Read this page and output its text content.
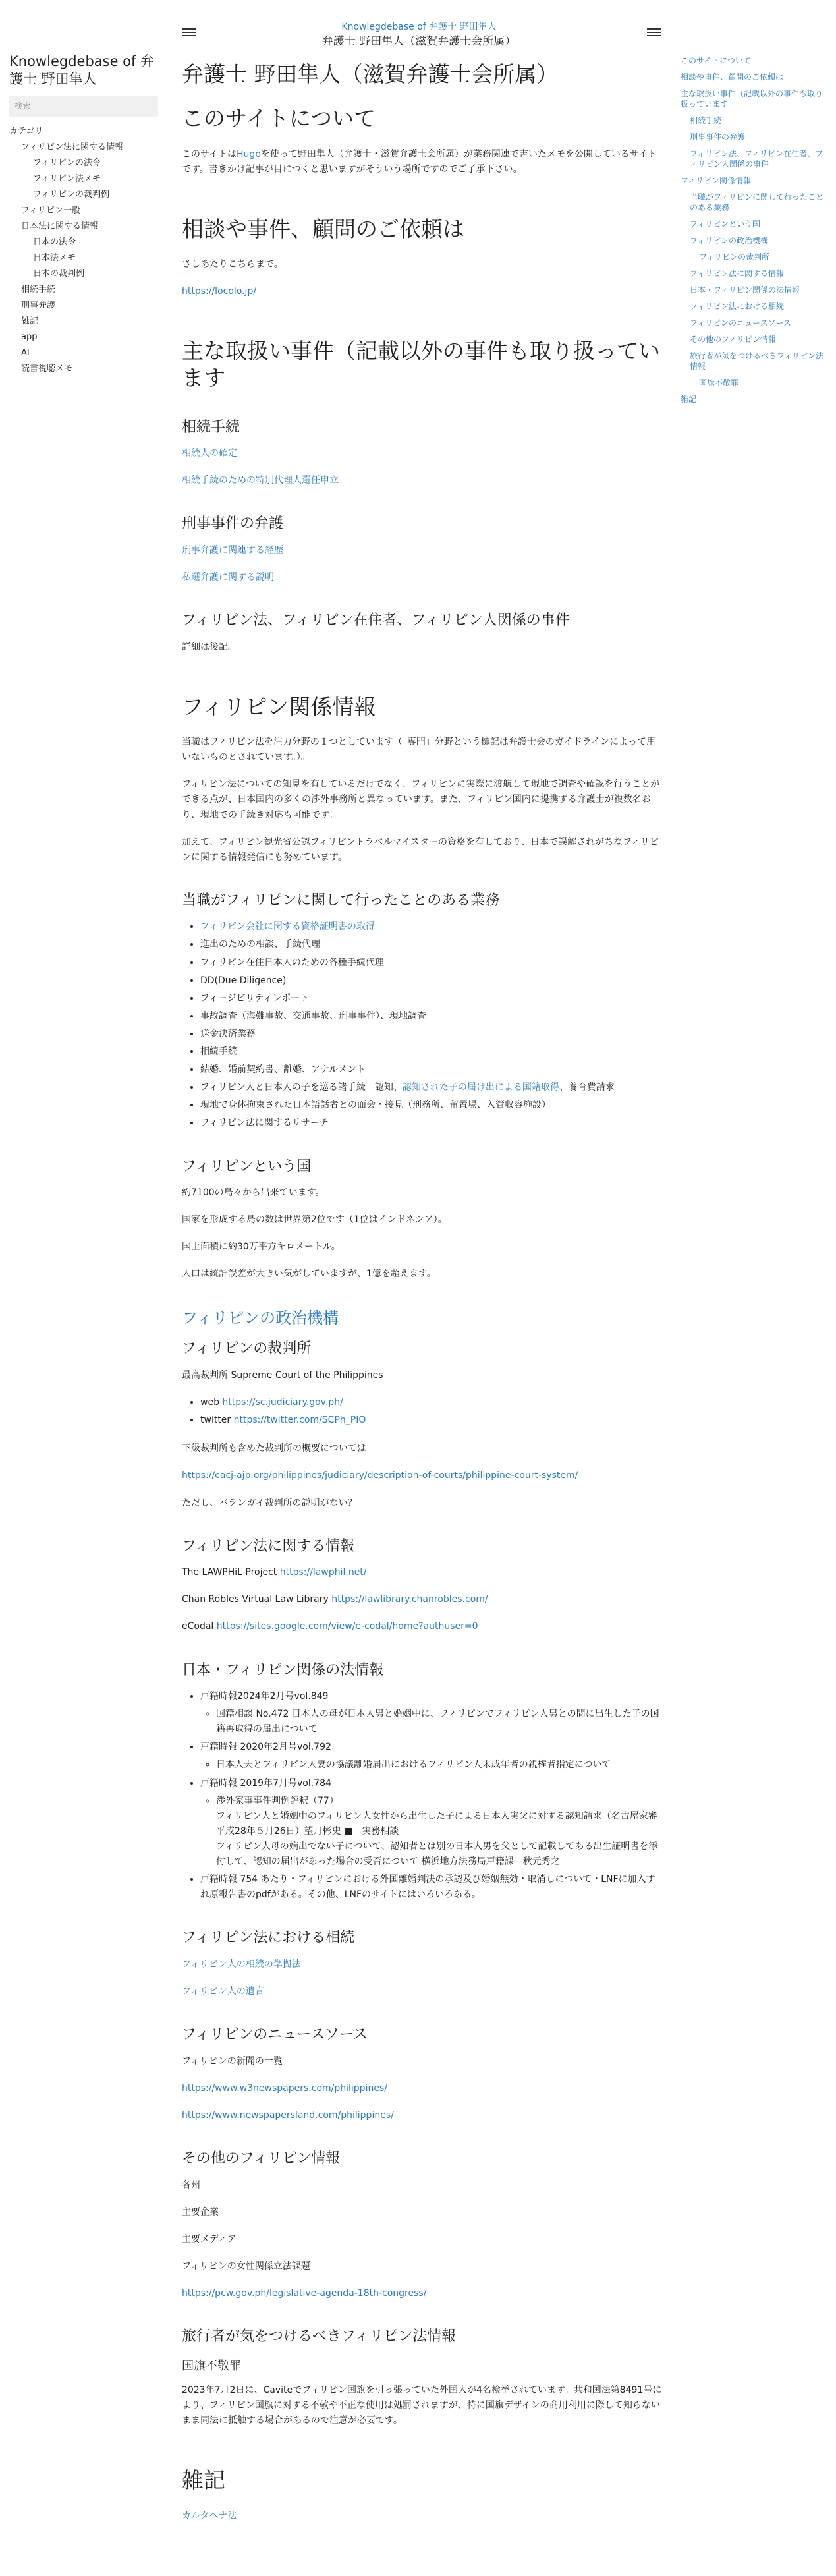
Knowlegdebase of 弁護士 野田隼人
検索
カテゴリ
フィリピン法に関する情報
フィリピンの法令
フィリピン法メモ
フィリピンの裁判例
フィリピン一般
日本法に関する情報
日本の法令
日本法メモ
日本の裁判例
相続手続
刑事弁護
雑記
app
AI
読書視聴メモ
Knowlegdebase of 弁護士 野田隼人
弁護士 野田隼人（滋賀弁護士会所属）
弁護士 野田隼人（滋賀弁護士会所属）
このサイトについて

このサイトはHugoを使って野田隼人（弁護士・滋賀弁護士会所属）が業務関連で書いたメモを公開しているサイトです。書きかけ記事が目につくと思いますがそういう場所ですのでご了承下さい。

相談や事件、顧問のご依頼は

さしあたりこちらまで。

https://locolo.jp/

主な取扱い事件（記載以外の事件も取り扱っています
相続手続

相続人の確定

相続手続のための特別代理人選任申立

刑事事件の弁護

刑事弁護に関連する経歴

私選弁護に関する説明

フィリピン法、フィリピン在住者、フィリピン人関係の事件

詳細は後記。

フィリピン関係情報

当職はフィリピン法を注力分野の１つとしています（「専門」分野という標記は弁護士会のガイドラインによって用いないものとされています。）。

フィリピン法についての知見を有しているだけでなく、フィリピンに実際に渡航して現地で調査や確認を行うことができる点が、日本国内の多くの渉外事務所と異なっています。また、フィリピン国内に提携する弁護士が複数名おり、現地での手続き対応も可能です。

加えて、フィリピン観光省公認フィリピントラベルマイスターの資格を有しており、日本で誤解されがちなフィリピンに関する情報発信にも努めています。

当職がフィリピンに関して行ったことのある業務
• フィリピン会社に関する資格証明書の取得
• 進出のための相談、手続代理
• フィリピン在住日本人のための各種手続代理
• DD(Due Diligence)
• フィージビリティレポート
• 事故調査（海難事故、交通事故、刑事事件）、現地調査
• 送金決済業務
• 相続手続
• 結婚、婚前契約書、離婚、アナルメント
• フィリピン人と日本人の子を巡る諸手続　認知、認知された子の届け出による国籍取得、養育費請求
• 現地で身体拘束された日本語話者との面会・接見（刑務所、留置場、入管収容施設）
• フィリピン法に関するリサーチ
フィリピンという国

約7100の島々から出来ています。

国家を形成する島の数は世界第2位です（1位はインドネシア）。

国土面積に約30万平方キロメートル。

人口は統計誤差が大きい気がしていますが、1億を超えます。

フィリピンの政治機構
フィリピンの裁判所

最高裁判所 Supreme Court of the Philippines

• web https://sc.judiciary.gov.ph/
• twitter https://twitter.com/SCPh_PIO

下級裁判所も含めた裁判所の概要については

https://cacj-ajp.org/philippines/judiciary/description-of-courts/philippine-court-system/

ただし、バランガイ裁判所の説明がない？

フィリピン法に関する情報

The LAWPHiL Project https://lawphil.net/

Chan Robles Virtual Law Library https://lawlibrary.chanrobles.com/

eCodal https://sites.google.com/view/e-codal/home?authuser=0

日本・フィリピン関係の法情報
• 戸籍時報2024年2月号vol.849
◦ 国籍相談 No.472 日本人の母が日本人男と婚姻中に、フィリピンでフィリピン人男との間に出生した子の国籍再取得の届出について
• 戸籍時報 2020年2月号vol.792
◦ 日本人夫とフィリピン人妻の協議離婚届出におけるフィリピン人未成年者の親権者指定について
• 戸籍時報 2019年7月号vol.784
◦ 渉外家事事件判例評釈（77）
フィリピン人と婚姻中のフィリピン人女性から出生した子による日本人実父に対する認知請求（名古屋家審平成28年５月26日）望月彬史 ■　実務相談
フィリピン人母の嫡出でない子について、認知者とは別の日本人男を父として記載してある出生証明書を添付して、認知の届出があった場合の受否について 横浜地方法務局戸籍課　秋元秀之
• 戸籍時報 754 あたり・フィリピンにおける外国離婚判決の承認及び婚姻無効・取消しについて・LNFに加入すれ原報告書のpdfがある。その他、LNFのサイトにはいろいろある。
フィリピン法における相続

フィリピン人の相続の準拠法

フィリピン人の遺言

フィリピンのニュースソース

フィリピンの新聞の一覧

https://www.w3newspapers.com/philippines/

https://www.newspapersland.com/philippines/

その他のフィリピン情報

各州

主要企業

主要メディア

フィリピンの女性関係立法課題

https://pcw.gov.ph/legislative-agenda-18th-congress/

旅行者が気をつけるべきフィリピン法情報
国旗不敬罪

2023年7月2日に、Caviteでフィリピン国旗を引っ張っていた外国人が4名検挙されています。共和国法第8491号により、フィリピン国旗に対する不敬や不正な使用は処罰されますが、特に国旗デザインの商用利用に際して知らないまま同法に抵触する場合があるので注意が必要です。

雑記

カルタヘナ法

このサイトについて
相談や事件、顧問のご依頼は
主な取扱い事件（記載以外の事件も取り扱っています
相続手続
刑事事件の弁護
フィリピン法、フィリピン在住者、フィリピン人関係の事件
フィリピン関係情報
当職がフィリピンに関して行ったことのある業務
フィリピンという国
フィリピンの政治機構
フィリピンの裁判所
フィリピン法に関する情報
日本・フィリピン関係の法情報
フィリピン法における相続
フィリピンのニュースソース
その他のフィリピン情報
旅行者が気をつけるべきフィリピン法情報
国旗不敬罪
雑記
